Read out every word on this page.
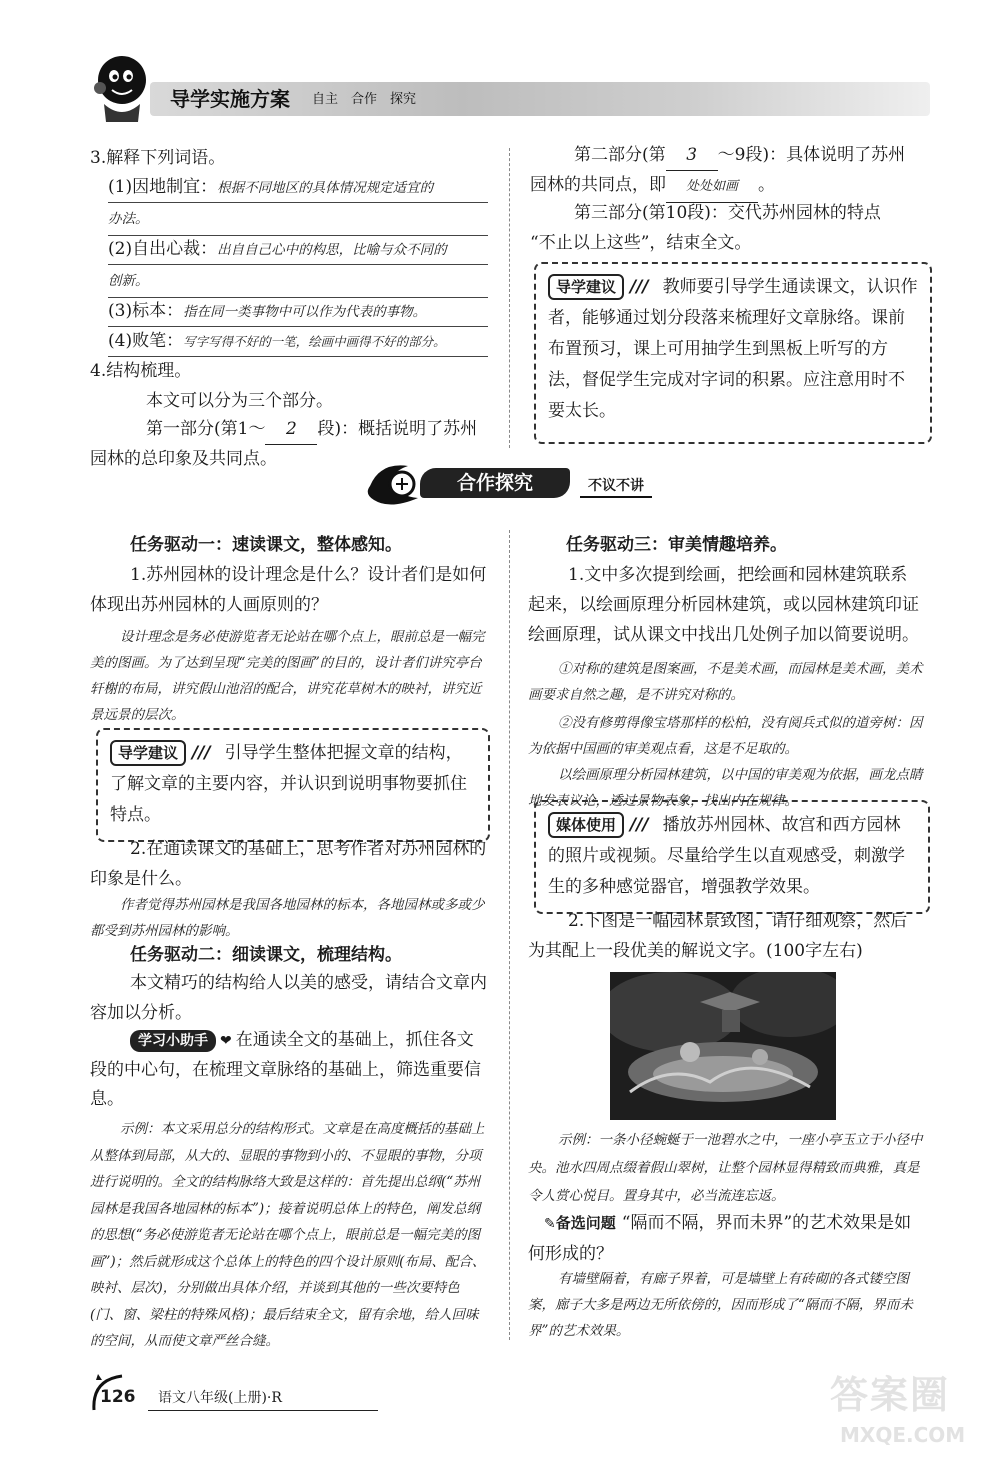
导学实施方案 自主　合作　探究
3.解释下列词语。
(1)因地制宜：根据不同地区的具体情况规定适宜的
办法。
(2)自出心裁：出自自己心中的构思，比喻与众不同的
创新。
(3)标本：指在同一类事物中可以作为代表的事物。
(4)败笔：写字写得不好的一笔，绘画中画得不好的部分。
4.结构梳理。
本文可以分为三个部分。
第一部分(第1～ 2 段)：概括说明了苏州
园林的总印象及共同点。
第二部分(第 3 ～9段)：具体说明了苏州
园林的共同点，即 处处如画 。
第三部分(第10段)：交代苏州园林的特点
“不止以上这些”，结束全文。
导学建议 /// 教师要引导学生通读课文，认识作者，能够通过划分段落来梳理好文章脉络。课前布置预习，课上可用抽学生到黑板上听写的方法，督促学生完成对字词的积累。应注意用时不要太长。
合作探究	不议不讲
任务驱动一：速读课文，整体感知。
1.苏州园林的设计理念是什么？设计者们是如何体现出苏州园林的人画原则的？
设计理念是务必使游览者无论站在哪个点上，眼前总是一幅完美的图画。为了达到呈现“完美的图画”的目的，设计者们讲究亭台轩榭的布局，讲究假山池沼的配合，讲究花草树木的映衬，讲究近景远景的层次。
导学建议 /// 引导学生整体把握文章的结构，了解文章的主要内容，并认识到说明事物要抓住特点。
2.在通读课文的基础上，思考作者对苏州园林的印象是什么。
作者觉得苏州园林是我国各地园林的标本，各地园林或多或少都受到苏州园林的影响。
任务驱动二：细读课文，梳理结构。
本文精巧的结构给人以美的感受，请结合文章内容加以分析。
学习小助手 ❤ 在通读全文的基础上，抓住各文段的中心句，在梳理文章脉络的基础上，筛选重要信息。
示例：本文采用总分的结构形式。文章是在高度概括的基础上从整体到局部，从大的、显眼的事物到小的、不显眼的事物，分项进行说明的。全文的结构脉络大致是这样的：首先提出总纲(“苏州园林是我国各地园林的标本”)；接着说明总体上的特色，阐发总纲的思想(“务必使游览者无论站在哪个点上，眼前总是一幅完美的图画”)；然后就形成这个总体上的特色的四个设计原则(布局、配合、映衬、层次)，分别做出具体介绍，并谈到其他的一些次要特色(门、窗、梁柱的特殊风格)；最后结束全文，留有余地，给人回味的空间，从而使文章严丝合缝。
任务驱动三：审美情趣培养。
1.文中多次提到绘画，把绘画和园林建筑联系起来，以绘画原理分析园林建筑，或以园林建筑印证绘画原理，试从课文中找出几处例子加以简要说明。
①对称的建筑是图案画，不是美术画，而园林是美术画，美术画要求自然之趣，是不讲究对称的。
②没有修剪得像宝塔那样的松柏，没有阅兵式似的道旁树：因为依据中国画的审美观点看，这是不足取的。
以绘画原理分析园林建筑，以中国的审美观为依据，画龙点睛地发表议论，透过景物表象，找出内在规律。
媒体使用 /// 播放苏州园林、故宫和西方园林的照片或视频。尽量给学生以直观感受，刺激学生的多种感觉器官，增强教学效果。
2.下图是一幅园林景致图，请仔细观察，然后为其配上一段优美的解说文字。(100字左右)
示例：一条小径蜿蜒于一池碧水之中，一座小亭玉立于小径中央。池水四周点缀着假山翠树，让整个园林显得精致而典雅，真是令人赏心悦目。置身其中，必当流连忘返。
✎备选问题 “隔而不隔，界而未界”的艺术效果是如何形成的？
有墙壁隔着，有廊子界着，可是墙壁上有砖砌的各式镂空图案，廊子大多是两边无所依傍的，因而形成了“隔而不隔，界而未界”的艺术效果。
126 语文八年级(上册)·R	答案圈
MXQE.COM
